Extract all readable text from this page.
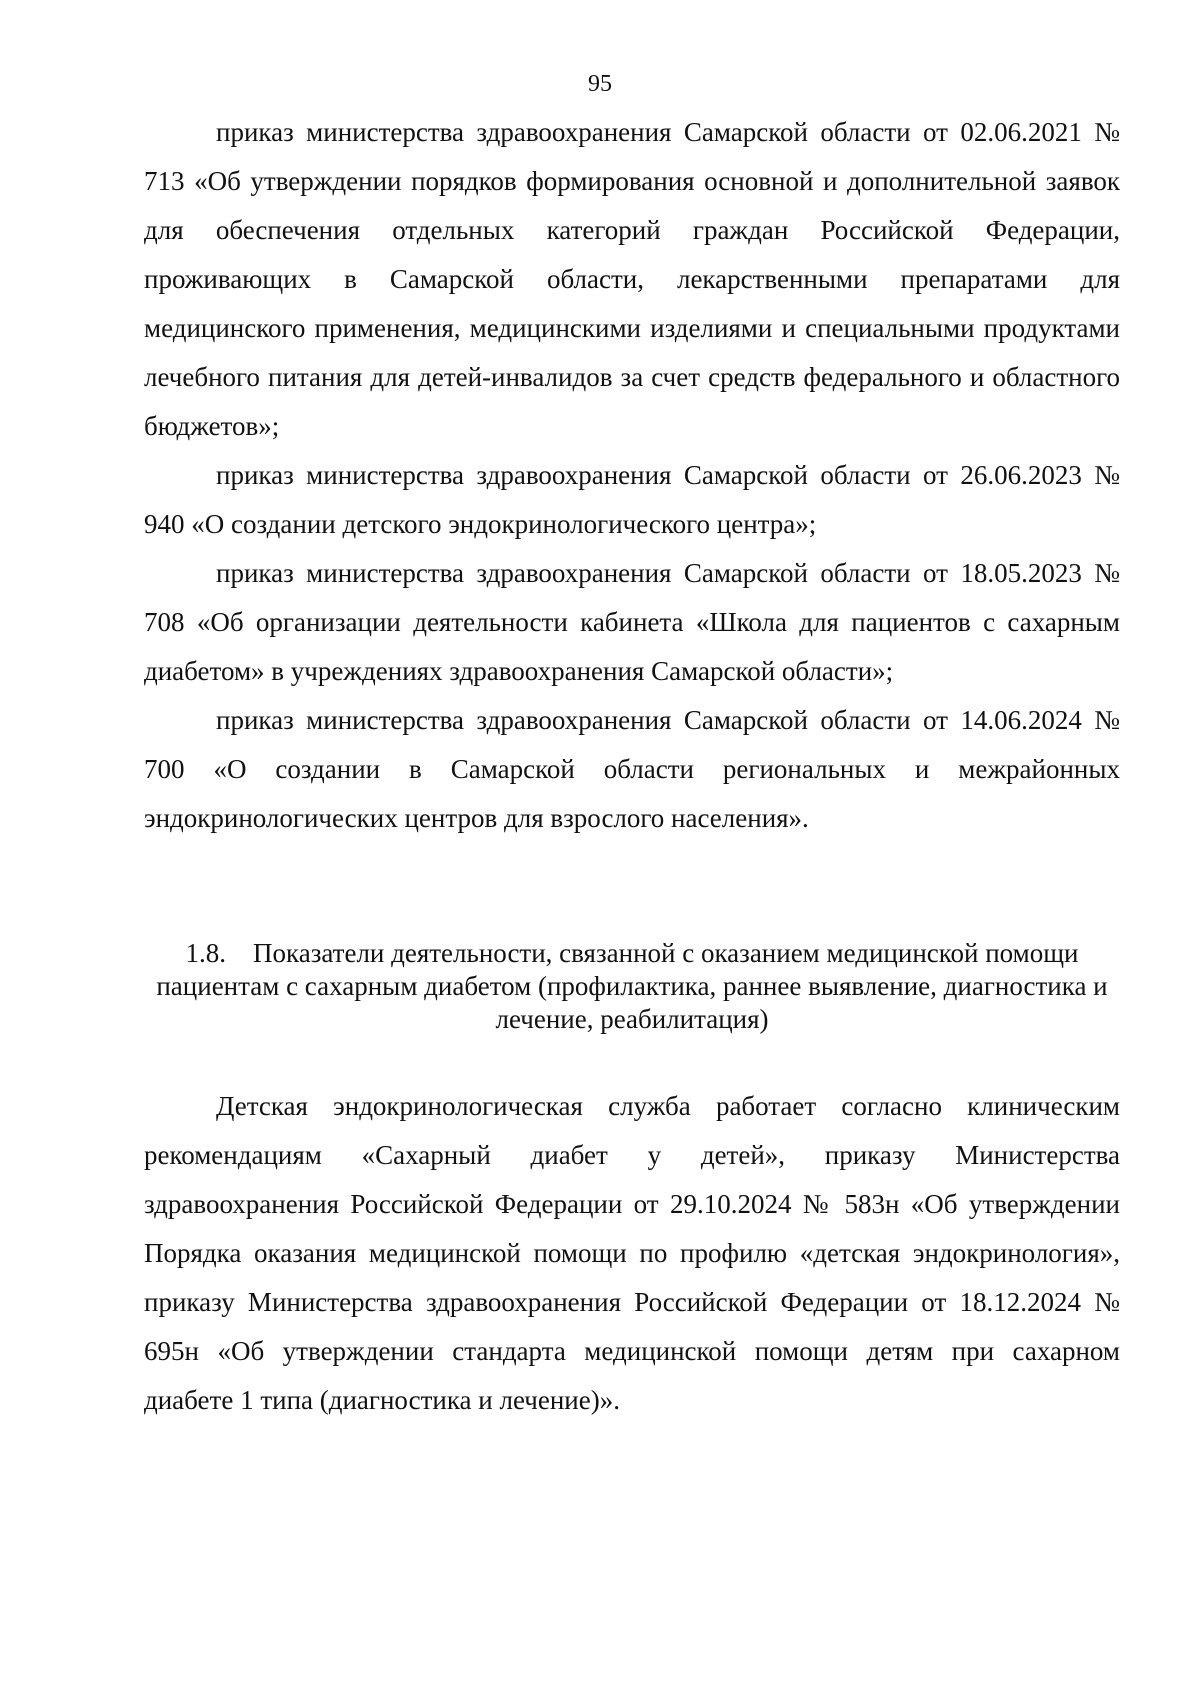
95

приказ министерства здравоохранения Самарской области от 02.06.2021 № 713 «Об утверждении порядков формирования основной и дополнительной заявок для обеспечения отдельных категорий граждан Российской Федерации, проживающих в Самарской области, лекарственными препаратами для медицинского применения, медицинскими изделиями и специальными продуктами лечебного питания для детей-инвалидов за счет средств федерального и областного бюджетов»;

приказ министерства здравоохранения Самарской области от 26.06.2023 № 940 «О создании детского эндокринологического центра»;

приказ министерства здравоохранения Самарской области от 18.05.2023 № 708 «Об организации деятельности кабинета «Школа для пациентов с сахарным диабетом» в учреждениях здравоохранения Самарской области»;

приказ министерства здравоохранения Самарской области от 14.06.2024 № 700 «О создании в Самарской области региональных и межрайонных эндокринологических центров для взрослого населения».

1.8. Показатели деятельности, связанной с оказанием медицинской помощи пациентам с сахарным диабетом (профилактика, раннее выявление, диагностика и лечение, реабилитация)

Детская эндокринологическая служба работает согласно клиническим рекомендациям «Сахарный диабет у детей», приказу Министерства здравоохранения Российской Федерации от 29.10.2024 № 583н «Об утверждении Порядка оказания медицинской помощи по профилю «детская эндокринология», приказу Министерства здравоохранения Российской Федерации от 18.12.2024 № 695н «Об утверждении стандарта медицинской помощи детям при сахарном диабете 1 типа (диагностика и лечение)».
